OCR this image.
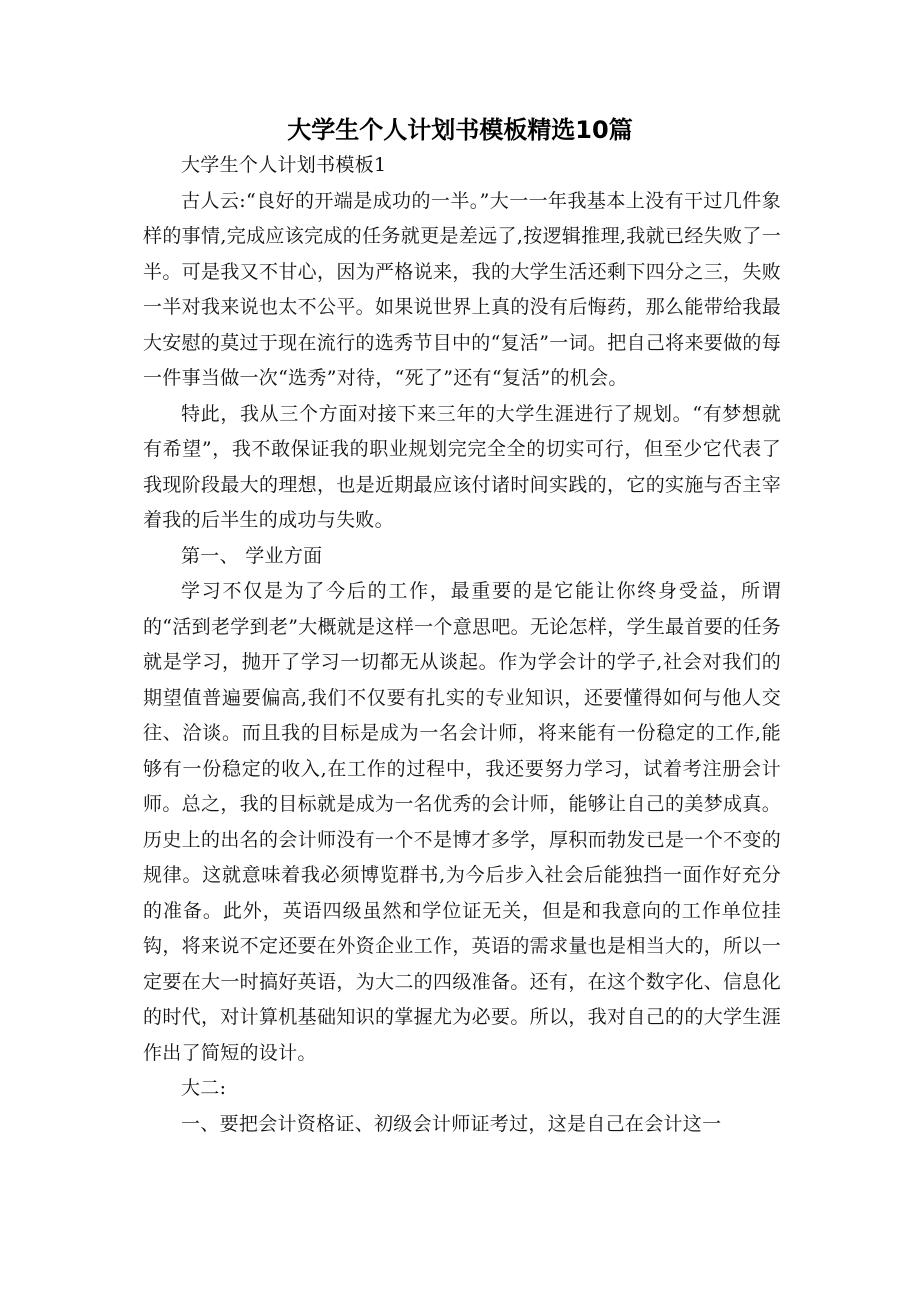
大学生个人计划书模板精选10篇

大学生个人计划书模板1

古人云:“良好的开端是成功的一半。”大一一年我基本上没有干过几件象样的事情,完成应该完成的任务就更是差远了,按逻辑推理,我就已经失败了一半。可是我又不甘心，因为严格说来，我的大学生活还剩下四分之三，失败一半对我来说也太不公平。如果说世界上真的没有后悔药，那么能带给我最大安慰的莫过于现在流行的选秀节目中的“复活”一词。把自己将来要做的每一件事当做一次“选秀”对待，“死了”还有“复活”的机会。

特此，我从三个方面对接下来三年的大学生涯进行了规划。“有梦想就有希望”，我不敢保证我的职业规划完完全全的切实可行，但至少它代表了我现阶段最大的理想，也是近期最应该付诸时间实践的，它的实施与否主宰着我的后半生的成功与失败。

第一、 学业方面

学习不仅是为了今后的工作，最重要的是它能让你终身受益，所谓的“活到老学到老”大概就是这样一个意思吧。无论怎样，学生最首要的任务就是学习，抛开了学习一切都无从谈起。作为学会计的学子,社会对我们的期望值普遍要偏高,我们不仅要有扎实的专业知识，还要懂得如何与他人交往、洽谈。而且我的目标是成为一名会计师，将来能有一份稳定的工作,能够有一份稳定的收入,在工作的过程中，我还要努力学习，试着考注册会计师。总之，我的目标就是成为一名优秀的会计师，能够让自己的美梦成真。历史上的出名的会计师没有一个不是博才多学，厚积而勃发已是一个不变的规律。这就意味着我必须博览群书,为今后步入社会后能独挡一面作好充分的准备。此外，英语四级虽然和学位证无关，但是和我意向的工作单位挂钩，将来说不定还要在外资企业工作，英语的需求量也是相当大的，所以一定要在大一时搞好英语，为大二的四级准备。还有，在这个数字化、信息化的时代，对计算机基础知识的掌握尤为必要。所以，我对自己的的大学生涯作出了简短的设计。

大二:

一、要把会计资格证、初级会计师证考过，这是自己在会计这一
